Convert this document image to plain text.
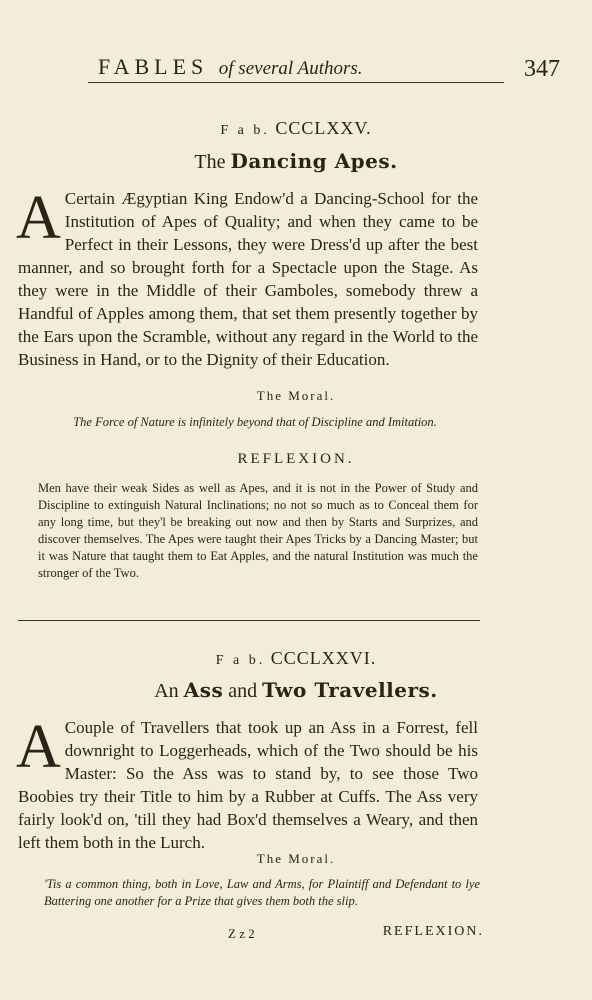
FABLES of several Authors.	347
F a b. CCCLXXV.
The Dancing Apes.
A Certain Ægyptian King Endow'd a Dancing-School for the Institution of Apes of Quality; and when they came to be Perfect in their Lessons, they were Dress'd up after the best manner, and so brought forth for a Spectacle upon the Stage. As they were in the Middle of their Gamboles, somebody threw a Handful of Apples among them, that set them presently together by the Ears upon the Scramble, without any regard in the World to the Business in Hand, or to the Dignity of their Education.

The Moral.
The Force of Nature is infinitely beyond that of Discipline and Imitation.
REFLEXION.

Men have their weak Sides as well as Apes, and it is not in the Power of Study and Discipline to extinguish Natural Inclinations; no not so much as to Conceal them for any long time, but they'l be breaking out now and then by Starts and Surprizes, and discover themselves. The Apes were taught their Apes Tricks by a Dancing Master; but it was Nature that taught them to Eat Apples, and the natural Institution was much the stronger of the Two.

F a b. CCCLXXVI.
An Ass and Two Travellers.
A Couple of Travellers that took up an Ass in a Forrest, fell downright to Loggerheads, which of the Two should be his Master: So the Ass was to stand by, to see those Two Boobies try their Title to him by a Rubber at Cuffs. The Ass very fairly look'd on, 'till they had Box'd themselves a Weary, and then left them both in the Lurch.

The Moral.
'Tis a common thing, both in Love, Law and Arms, for Plaintiff and Defendant to lye Battering one another for a Prize that gives them both the slip.
Z z 2	REFLEXION.
